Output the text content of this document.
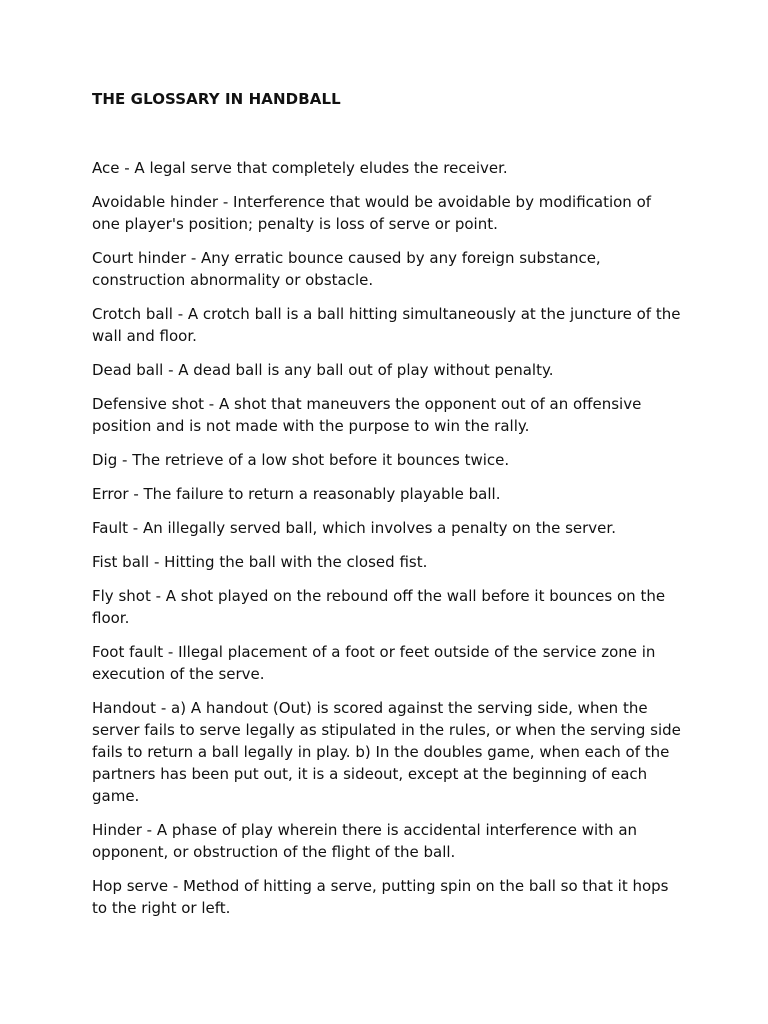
THE GLOSSARY IN HANDBALL

Ace - A legal serve that completely eludes the receiver.

Avoidable hinder - Interference that would be avoidable by modification of
one player's position; penalty is loss of serve or point.

Court hinder - Any erratic bounce caused by any foreign substance,
construction abnormality or obstacle.

Crotch ball - A crotch ball is a ball hitting simultaneously at the juncture of the
wall and floor.

Dead ball - A dead ball is any ball out of play without penalty.

Defensive shot - A shot that maneuvers the opponent out of an offensive
position and is not made with the purpose to win the rally.

Dig - The retrieve of a low shot before it bounces twice.

Error - The failure to return a reasonably playable ball.

Fault - An illegally served ball, which involves a penalty on the server.

Fist ball - Hitting the ball with the closed fist.

Fly shot - A shot played on the rebound off the wall before it bounces on the
floor.

Foot fault - Illegal placement of a foot or feet outside of the service zone in
execution of the serve.

Handout - a) A handout (Out) is scored against the serving side, when the
server fails to serve legally as stipulated in the rules, or when the serving side
fails to return a ball legally in play. b) In the doubles game, when each of the
partners has been put out, it is a sideout, except at the beginning of each
game.

Hinder - A phase of play wherein there is accidental interference with an
opponent, or obstruction of the flight of the ball.

Hop serve - Method of hitting a serve, putting spin on the ball so that it hops
to the right or left.
